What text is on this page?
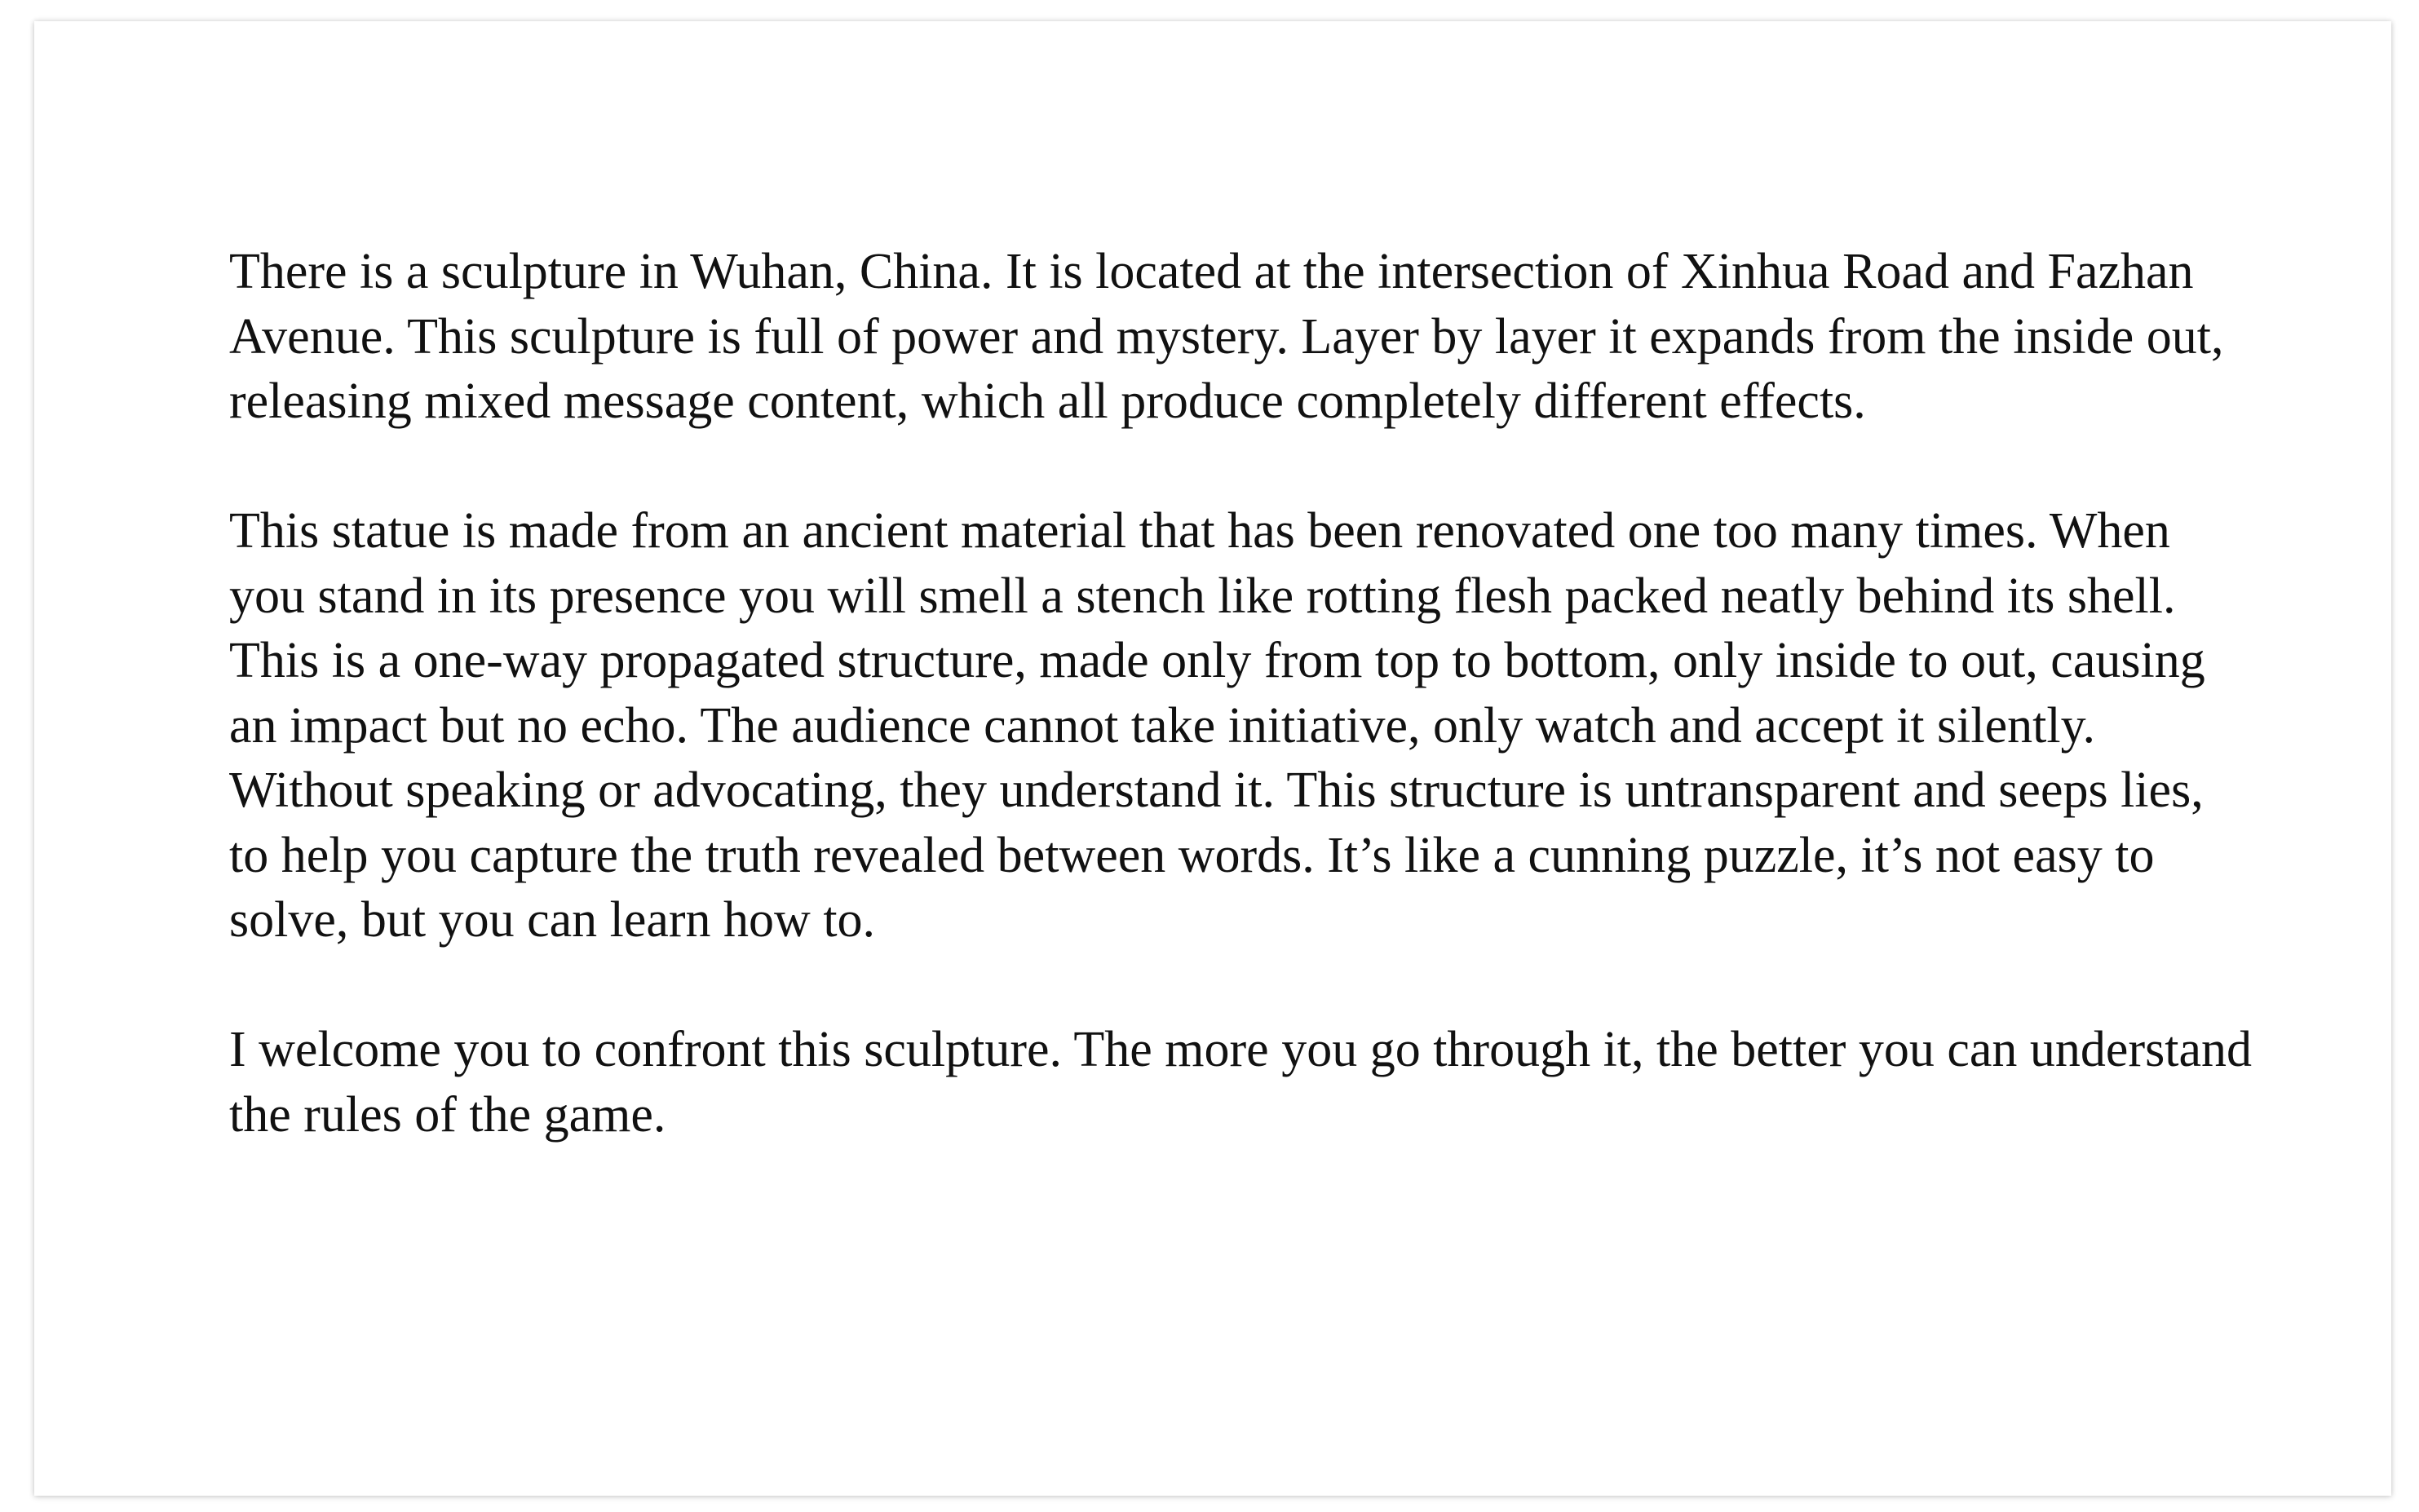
There is a sculpture in Wuhan, China. It is located at the intersection of Xinhua Road and Fazhan Avenue. This sculpture is full of power and mystery. Layer by layer it expands from the inside out, releasing mixed message content, which all produce completely different effects.

This statue is made from an ancient material that has been renovated one too many times. When you stand in its presence you will smell a stench like rotting flesh packed neatly behind its shell. This is a one-way propagated structure, made only from top to bottom, only inside to out, causing an impact but no echo. The audience cannot take initiative, only watch and accept it silently. Without speaking or advocating, they understand it. This structure is untransparent and seeps lies, to help you capture the truth revealed between words. It’s like a cunning puzzle, it’s not easy to solve, but you can learn how to.

I welcome you to confront this sculpture. The more you go through it, the better you can understand the rules of the game.
